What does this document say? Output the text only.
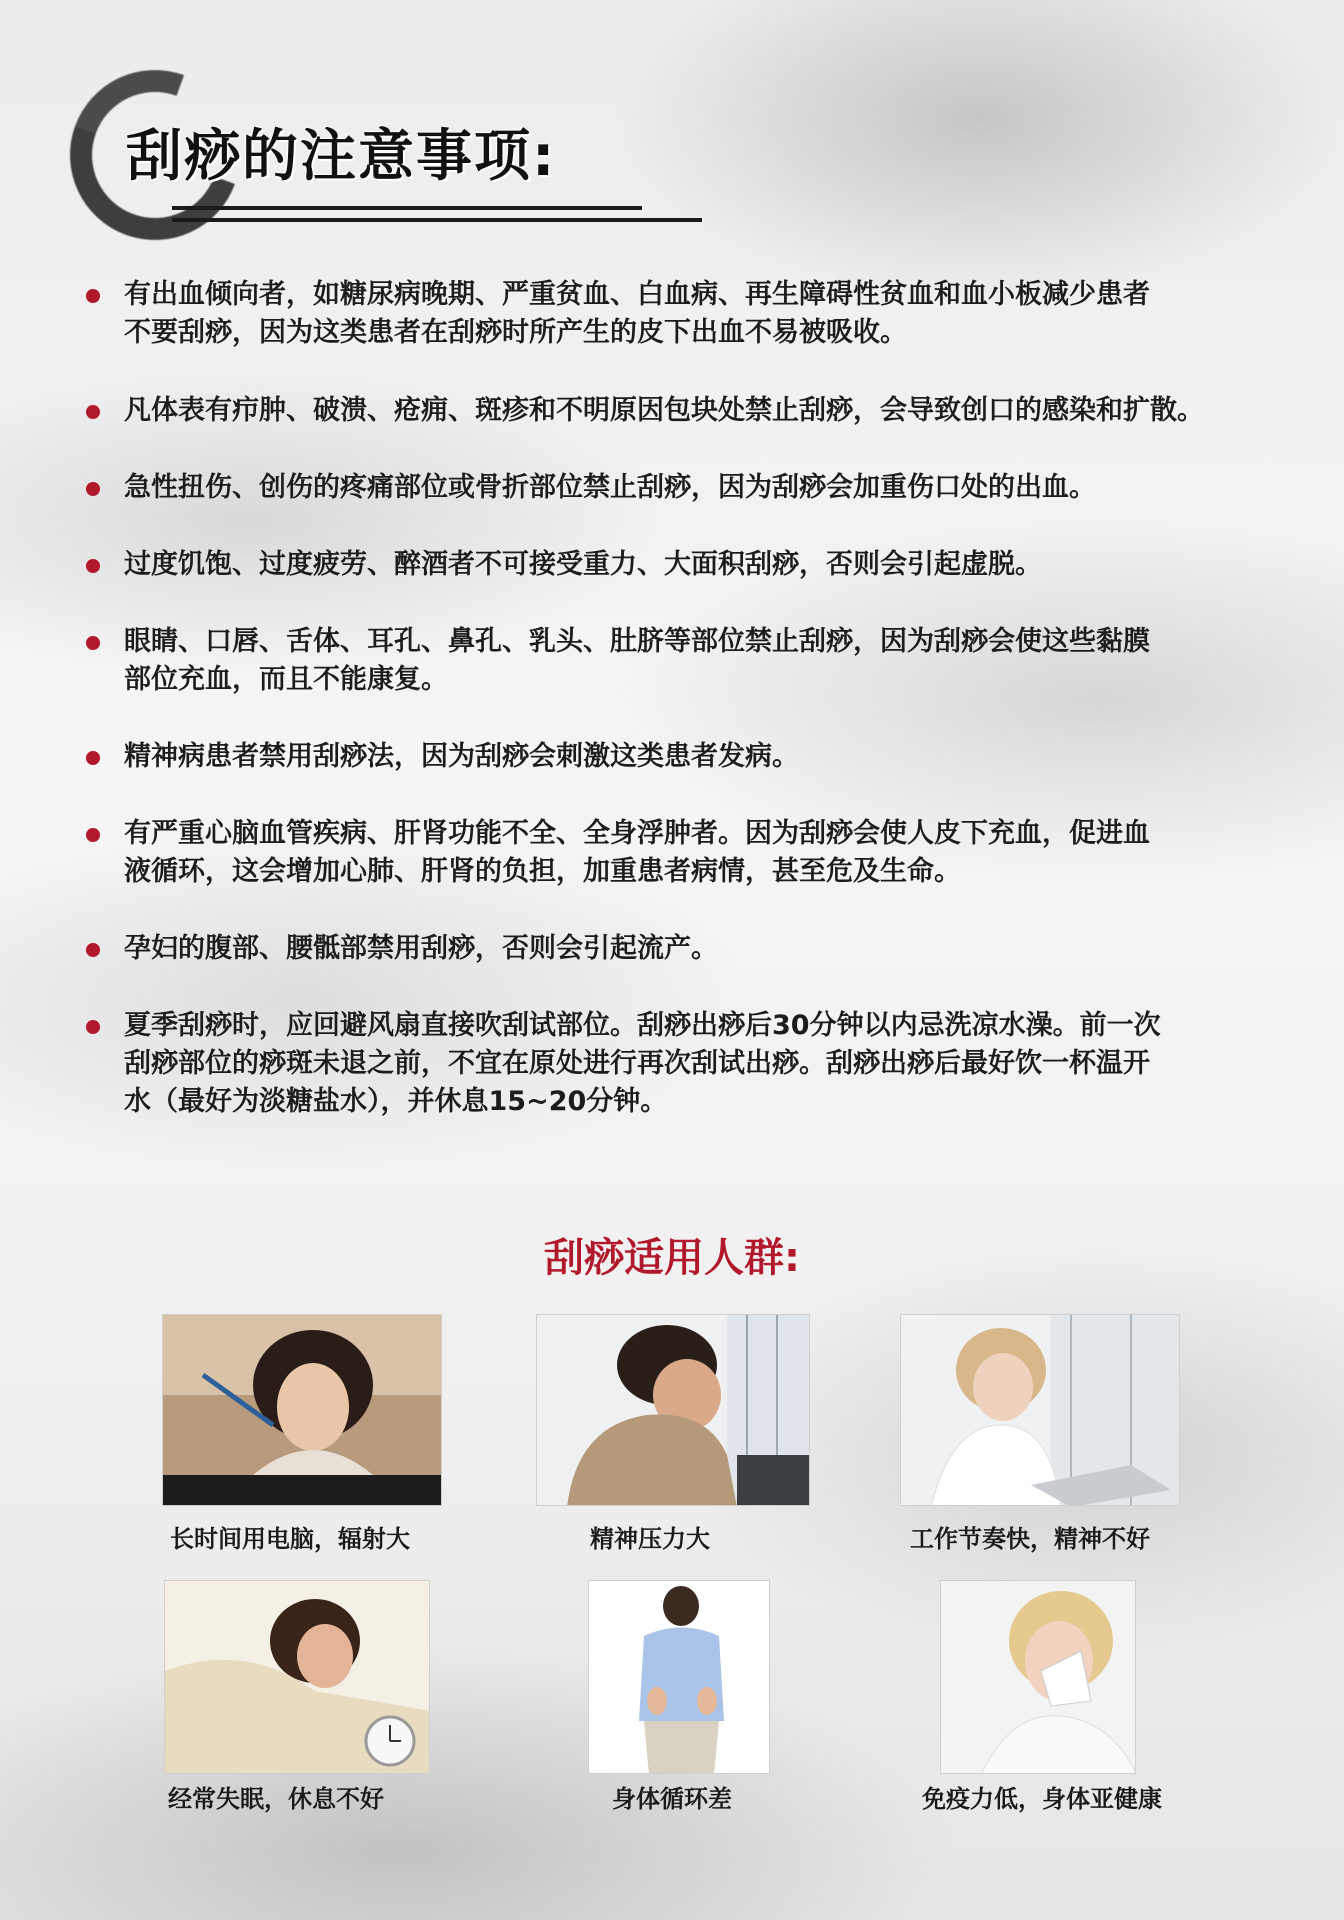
刮痧的注意事项:
有出血倾向者，如糖尿病晚期、严重贫血、白血病、再生障碍性贫血和血小板减少患者
不要刮痧，因为这类患者在刮痧时所产生的皮下出血不易被吸收。
凡体表有疖肿、破溃、疮痈、斑疹和不明原因包块处禁止刮痧，会导致创口的感染和扩散。
急性扭伤、创伤的疼痛部位或骨折部位禁止刮痧，因为刮痧会加重伤口处的出血。
过度饥饱、过度疲劳、醉酒者不可接受重力、大面积刮痧，否则会引起虚脱。
眼睛、口唇、舌体、耳孔、鼻孔、乳头、肚脐等部位禁止刮痧，因为刮痧会使这些黏膜
部位充血，而且不能康复。
精神病患者禁用刮痧法，因为刮痧会刺激这类患者发病。
有严重心脑血管疾病、肝肾功能不全、全身浮肿者。因为刮痧会使人皮下充血，促进血
液循环，这会增加心肺、肝肾的负担，加重患者病情，甚至危及生命。
孕妇的腹部、腰骶部禁用刮痧，否则会引起流产。
夏季刮痧时，应回避风扇直接吹刮试部位。刮痧出痧后30分钟以内忌洗凉水澡。前一次
刮痧部位的痧斑未退之前，不宜在原处进行再次刮试出痧。刮痧出痧后最好饮一杯温开
水（最好为淡糖盐水），并休息15~20分钟。
刮痧适用人群:
长时间用电脑，辐射大	精神压力大	工作节奏快，精神不好
经常失眠，休息不好	身体循环差	免疫力低，身体亚健康
